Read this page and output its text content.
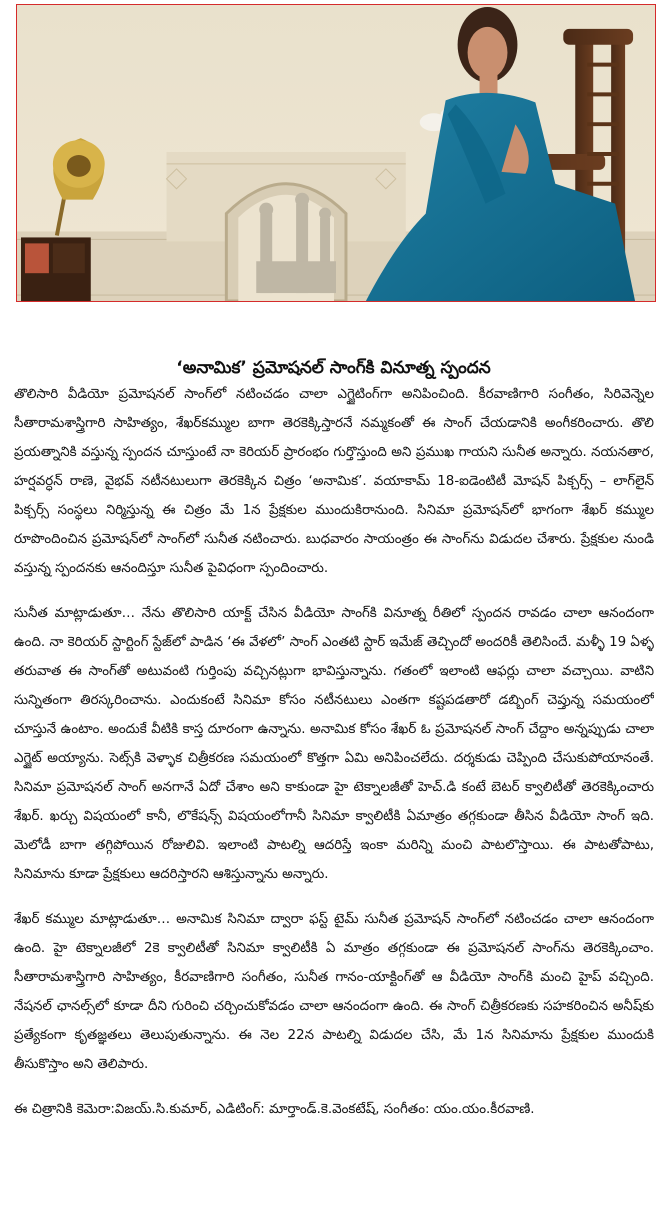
‘అనామిక’ ప్రమోషనల్ సాంగ్‌కి వినూత్న స్పందన

తొలిసారి వీడియో ప్రమోషనల్ సాంగ్‌లో నటించడం చాలా ఎగ్జైటింగ్‌గా అనిపించింది. కీరవాణిగారి సంగీతం, సిరివెన్నెల సీతారామశాస్త్రిగారి సాహిత్యం, శేఖర్‌కమ్ముల బాగా తెరకెక్కిస్తారనే నమ్మకంతో ఈ సాంగ్ చేయడానికి అంగీకరించారు. తొలి ప్రయత్నానికి వస్తున్న స్పందన చూస్తుంటే నా కెరియర్ ప్రారంభం గుర్తొస్తుంది అని ప్రముఖ గాయని సునీత అన్నారు. నయనతార, హర్షవర్ధన్ రాణె, వైభవ్ నటీనటులుగా తెరకెక్కిన చిత్రం ‘అనామిక’. వయాకామ్ 18-ఐడెంటిటీ మోషన్ పిక్చర్స్ – లాగ్‌లైన్ పిక్చర్స్ సంస్థలు నిర్మిస్తున్న ఈ చిత్రం మే 1న ప్రేక్షకుల ముందుకిరానుంది. సినిమా ప్రమోషన్‌లో భాగంగా శేఖర్ కమ్ముల రూపొందించిన ప్రమోషన్‌లో సాంగ్‌లో సునీత నటించారు. బుధవారం సాయంత్రం ఈ సాంగ్‌ను విడుదల చేశారు. ప్రేక్షకుల నుండి వస్తున్న స్పందనకు ఆనందిస్తూ సునీత పైవిధంగా స్పందించారు.

సునీత మాట్లాడుతూ… నేను తొలిసారి యాక్ట్ చేసిన వీడియో సాంగ్‌కి వినూత్న రీతిలో స్పందన రావడం చాలా ఆనందంగా ఉంది. నా కెరియర్ స్టార్టింగ్ స్టేజ్‌లో పాడిన ‘ఈ వేళలో’ సాంగ్ ఎంతటి స్టార్ ఇమేజ్ తెచ్చిందో అందరికీ తెలిసిందే. మళ్ళీ 19 ఏళ్ళ తరువాత ఈ సాంగ్‌తో అటువంటి గుర్తింపు వచ్చినట్లుగా భావిస్తున్నాను. గతంలో ఇలాంటి ఆఫర్లు చాలా వచ్చాయి. వాటిని సున్నితంగా తిరస్కరించాను. ఎందుకంటే సినిమా కోసం నటీనటులు ఎంతగా కష్టపడతారో డబ్బింగ్ చెప్తున్న సమయంలో చూస్తునే ఉంటాం. అందుకే వీటికి కాస్త దూరంగా ఉన్నాను. అనామిక కోసం శేఖర్ ఓ ప్రమోషనల్ సాంగ్ చేద్దాం అన్నప్పుడు చాలా ఎగ్జైట్ అయ్యాను. సెట్స్‌కి వెళ్ళాక చిత్రీకరణ సమయంలో కొత్తగా ఏమి అనిపించలేదు. దర్శకుడు చెప్పింది చేసుకుపోయానంతే. సినిమా ప్రమోషనల్ సాంగ్ అనగానే ఏదో చేశాం అని కాకుండా హై టెక్నాలజీతో హెచ్.డి కంటే బెటర్ క్వాలిటీతో తెరకెక్కించారు శేఖర్. ఖర్చు విషయంలో కానీ, లొకేషన్స్ విషయంలోగానీ సినిమా క్వాలిటీకి ఏమాత్రం తగ్గకుండా తీసిన వీడియో సాంగ్ ఇది. మెలోడీ బాగా తగ్గిపోయిన రోజులివి. ఇలాంటి పాటల్ని ఆదరిస్తే ఇంకా మరిన్ని మంచి పాటలొస్తాయి. ఈ పాటతోపాటు, సినిమాను కూడా ప్రేక్షకులు ఆదరిస్తారని ఆశిస్తున్నాను అన్నారు.

శేఖర్ కమ్ముల మాట్లాడుతూ… అనామిక సినిమా ద్వారా ఫస్ట్ టైమ్ సునీత ప్రమోషన్ సాంగ్‌లో నటించడం చాలా ఆనందంగా ఉంది. హై టెక్నాలజీలో 2కె క్వాలిటీతో సినిమా క్వాలిటీకి ఏ మాత్రం తగ్గకుండా ఈ ప్రమోషనల్ సాంగ్‌ను తెరకెక్కించాం. సీతారామశాస్త్రిగారి సాహిత్యం, కీరవాణిగారి సంగీతం, సునీత గానం-యాక్టింగ్‌తో ఆ వీడియో సాంగ్‌కి మంచి హైప్ వచ్చింది. నేషనల్ ఛానల్స్‌లో కూడా దీని గురించి చర్చించుకోవడం చాలా ఆనందంగా ఉంది. ఈ సాంగ్ చిత్రీకరణకు సహకరించిన అనీష్‌కు ప్రత్యేకంగా కృతజ్ఞతలు తెలుపుతున్నాను. ఈ నెల 22న పాటల్ని విడుదల చేసి, మే 1న సినిమాను ప్రేక్షకుల ముందుకి తీసుకొస్తాం అని తెలిపారు.

ఈ చిత్రానికి కెమెరా:విజయ్.సి.కుమార్, ఎడిటింగ్: మార్తాండ్.కె.వెంకటేష్, సంగీతం: యం.యం.కీరవాణి.
